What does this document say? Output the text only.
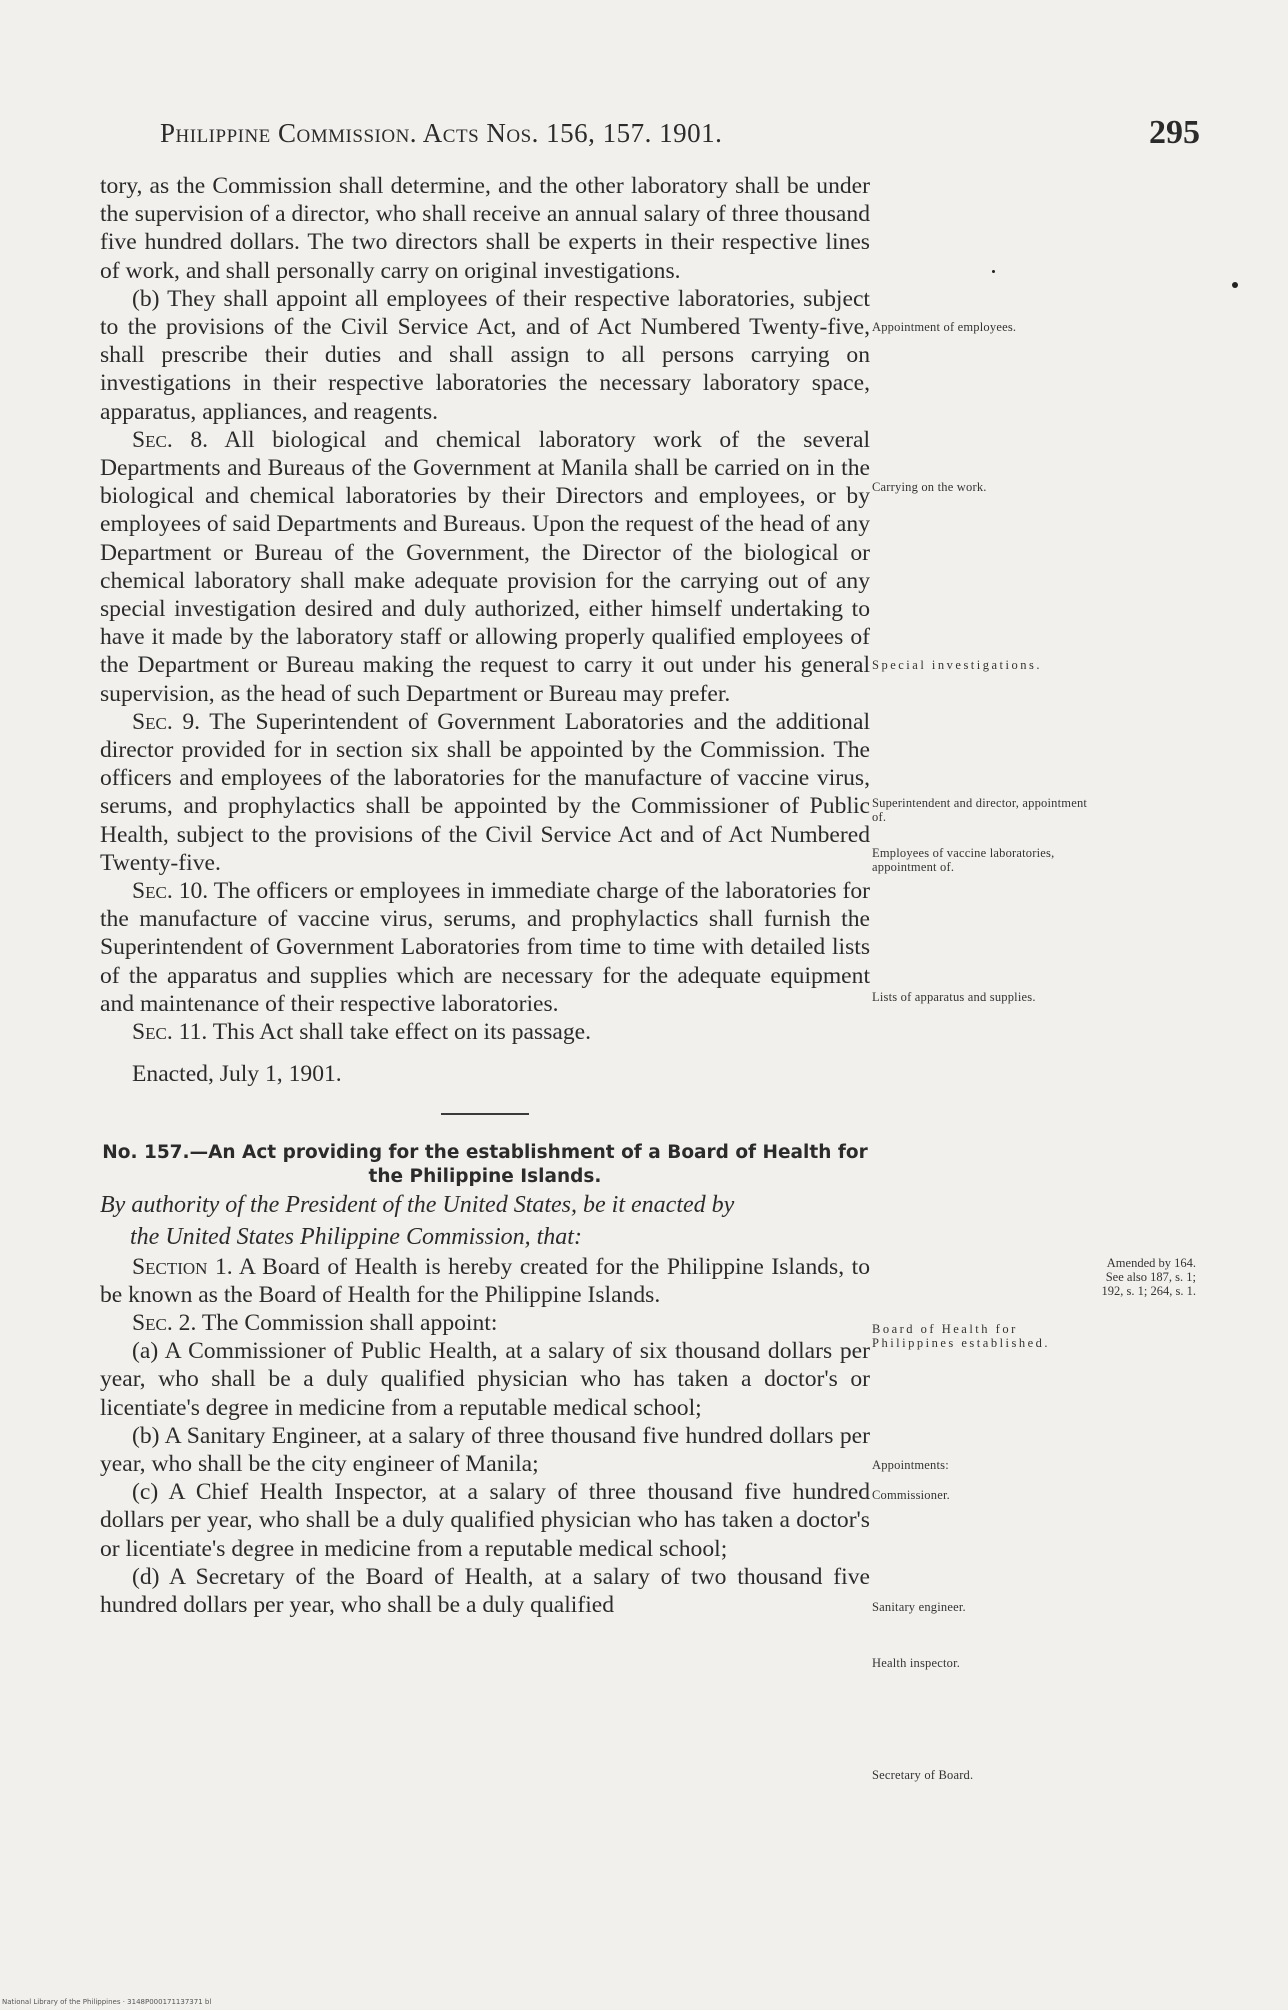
Philippine Commission. Acts Nos. 156, 157. 1901.	295

tory, as the Commission shall determine, and the other laboratory shall be under the supervision of a director, who shall receive an annual salary of three thousand five hundred dollars. The two directors shall be experts in their respective lines of work, and shall personally carry on original investigations.

(b) They shall appoint all employees of their respective laboratories, subject to the provisions of the Civil Service Act, and of Act Numbered Twenty-five, shall prescribe their duties and shall assign to all persons carrying on investigations in their respective laboratories the necessary laboratory space, apparatus, appliances, and reagents.

Sec. 8. All biological and chemical laboratory work of the several Departments and Bureaus of the Government at Manila shall be carried on in the biological and chemical laboratories by their Directors and employees, or by employees of said Departments and Bureaus. Upon the request of the head of any Department or Bureau of the Government, the Director of the biological or chemical laboratory shall make adequate provision for the carrying out of any special investigation desired and duly authorized, either himself undertaking to have it made by the laboratory staff or allowing properly qualified employees of the Department or Bureau making the request to carry it out under his general supervision, as the head of such Department or Bureau may prefer.

Sec. 9. The Superintendent of Government Laboratories and the additional director provided for in section six shall be appointed by the Commission. The officers and employees of the laboratories for the manufacture of vaccine virus, serums, and prophylactics shall be appointed by the Commissioner of Public Health, subject to the provisions of the Civil Service Act and of Act Numbered Twenty-five.

Sec. 10. The officers or employees in immediate charge of the laboratories for the manufacture of vaccine virus, serums, and prophylactics shall furnish the Superintendent of Government Laboratories from time to time with detailed lists of the apparatus and supplies which are necessary for the adequate equipment and maintenance of their respective laboratories.

Sec. 11. This Act shall take effect on its passage.

Enacted, July 1, 1901.

No. 157.—An Act providing for the establishment of a Board of Health for the Philippine Islands.

By authority of the President of the United States, be it enacted by
the United States Philippine Commission, that:

Section 1. A Board of Health is hereby created for the Philippine Islands, to be known as the Board of Health for the Philippine Islands.

Sec. 2. The Commission shall appoint:

(a) A Commissioner of Public Health, at a salary of six thousand dollars per year, who shall be a duly qualified physician who has taken a doctor's or licentiate's degree in medicine from a reputable medical school;

(b) A Sanitary Engineer, at a salary of three thousand five hundred dollars per year, who shall be the city engineer of Manila;

(c) A Chief Health Inspector, at a salary of three thousand five hundred dollars per year, who shall be a duly qualified physician who has taken a doctor's or licentiate's degree in medicine from a reputable medical school;

(d) A Secretary of the Board of Health, at a salary of two thousand five hundred dollars per year, who shall be a duly qualified

Appointment of employees.
Carrying on the work.
Special investigations.
Superintendent and director, appointment of.
Employees of vaccine laboratories, appointment of.
Lists of apparatus and supplies.
Amended by 164. See also 187, s. 1; 192, s. 1; 264, s. 1.
Board of Health for Philippines established.
Appointments:
Commissioner.
Sanitary engineer.
Health inspector.
Secretary of Board.
National Library of the Philippines · 3148P000171137371 bl
